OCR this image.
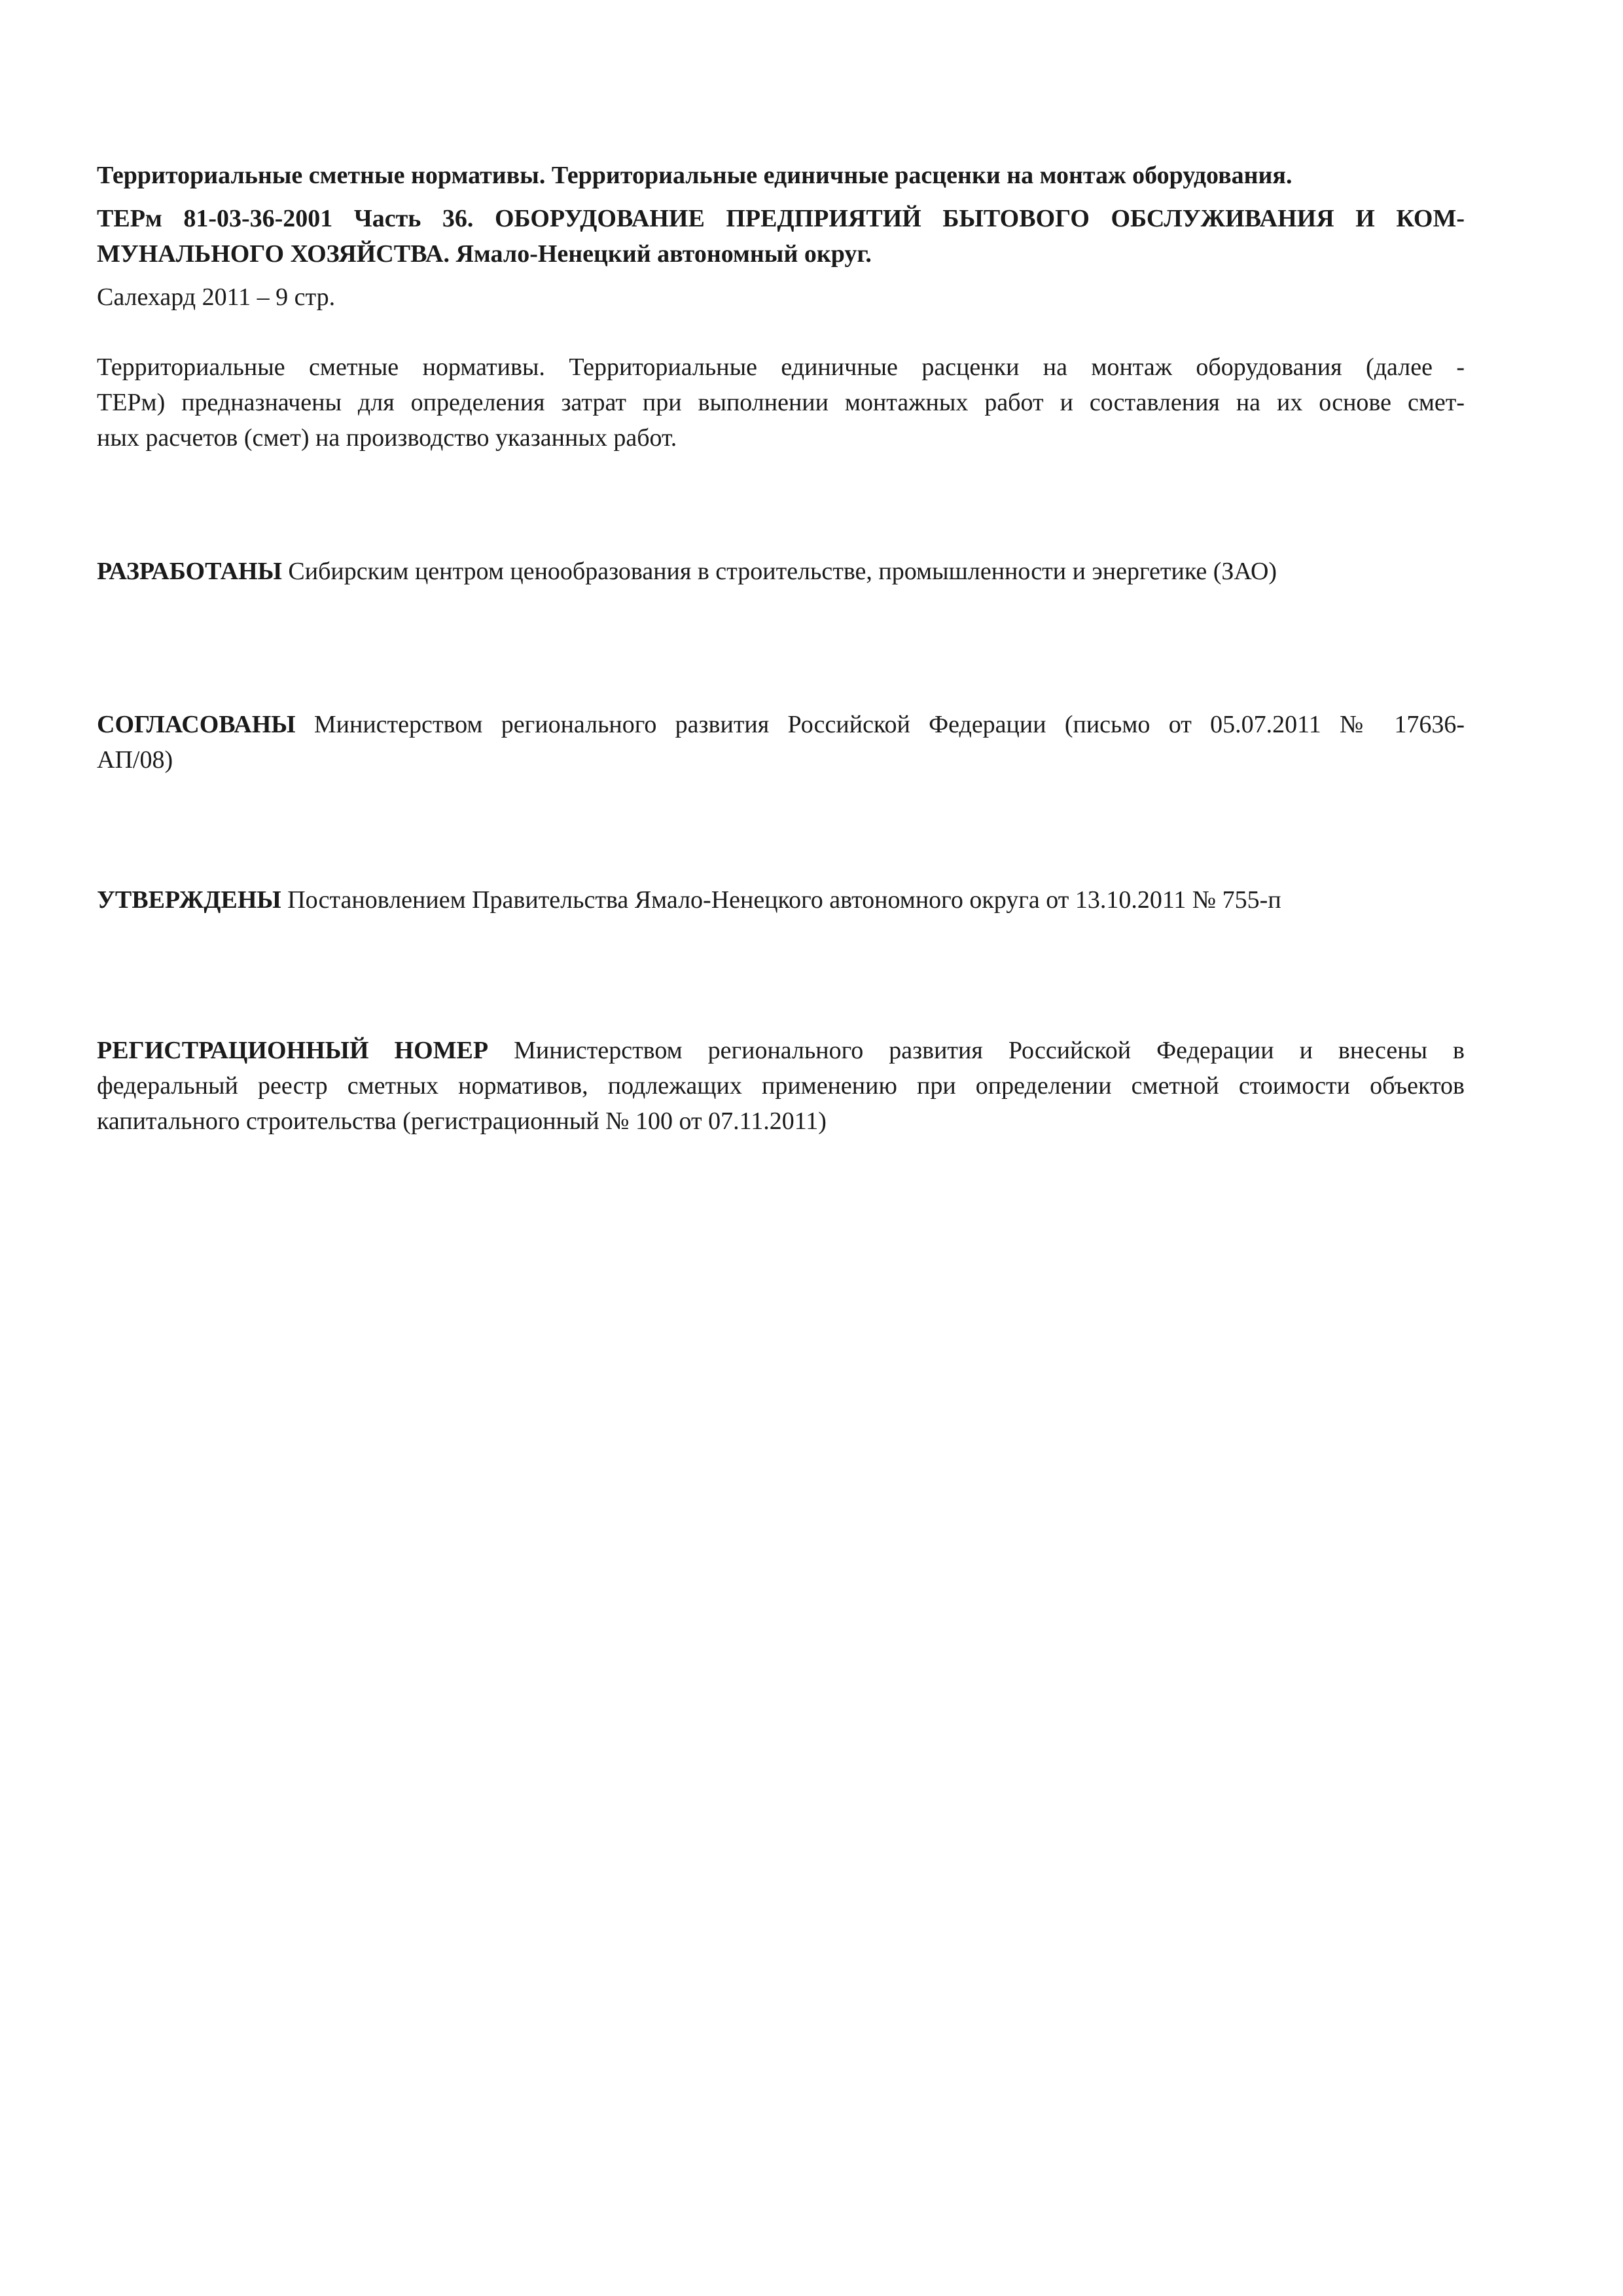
Территориальные сметные нормативы. Территориальные единичные расценки на монтаж оборудования.
ТЕРм 81-03-36-2001 Часть 36. ОБОРУДОВАНИЕ ПРЕДПРИЯТИЙ БЫТОВОГО ОБСЛУЖИВАНИЯ И КОМ-
МУНАЛЬНОГО ХОЗЯЙСТВА. Ямало-Ненецкий автономный округ.
Салехард 2011 – 9 стр.
Территориальные сметные нормативы. Территориальные единичные расценки на монтаж оборудования (далее -
ТЕРм) предназначены для определения затрат при выполнении монтажных работ и составления на их основе смет-
ных расчетов (смет) на производство указанных работ.
РАЗРАБОТАНЫ Сибирским центром ценообразования в строительстве, промышленности и энергетике (ЗАО)
СОГЛАСОВАНЫ Министерством регионального развития Российской Федерации (письмо от 05.07.2011 № 17636-
АП/08)
УТВЕРЖДЕНЫ Постановлением Правительства Ямало-Ненецкого автономного округа от 13.10.2011 № 755-п
РЕГИСТРАЦИОННЫЙ НОМЕР Министерством регионального развития Российской Федерации и внесены в
федеральный реестр сметных нормативов, подлежащих применению при определении сметной стоимости объектов
капитального строительства (регистрационный № 100 от 07.11.2011)
